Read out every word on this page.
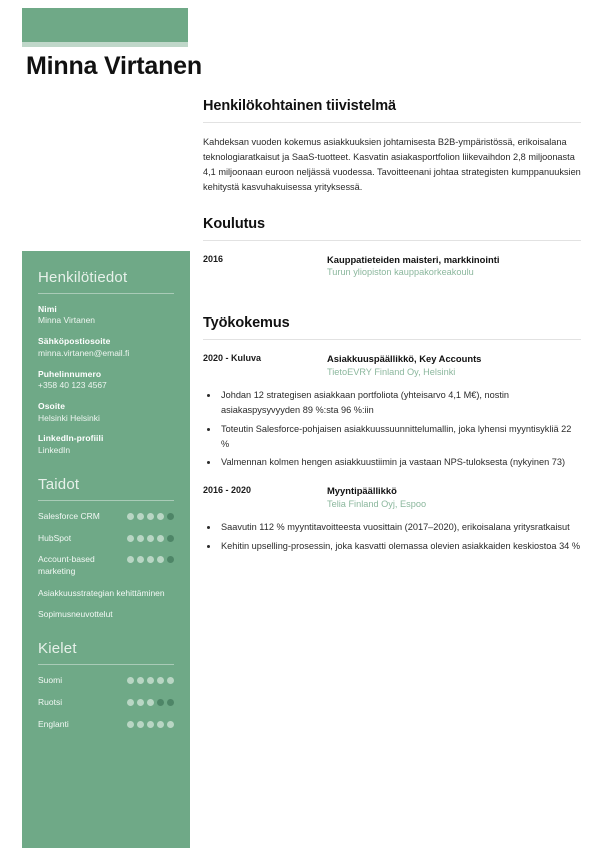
Minna Virtanen
Henkilötiedot
Nimi
Minna Virtanen
Sähköpostiosoite
minna.virtanen@email.fi
Puhelinnumero
+358 40 123 4567
Osoite
Helsinki Helsinki
LinkedIn-profiili
LinkedIn
Taidot
Salesforce CRM
HubSpot
Account-based marketing
Asiakkuusstrategian kehittäminen
Sopimusneuvottelut
Kielet
Suomi
Ruotsi
Englanti
Henkilökohtainen tiivistelmä

Kahdeksan vuoden kokemus asiakkuuksien johtamisesta B2B-ympäristössä, erikoisalana teknologiaratkaisut ja SaaS-tuotteet. Kasvatin asiakasportfolion liikevaihdon 2,8 miljoonasta 4,1 miljoonaan euroon neljässä vuodessa. Tavoitteenani johtaa strategisten kumppanuuksien kehitystä kasvuhakuisessa yrityksessä.

Koulutus
2016	Kauppatieteiden maisteri, markkinointi
Turun yliopiston kauppakorkeakoulu
Työkokemus
2020 - Kuluva	Asiakkuuspäällikkö, Key Accounts
TietoEVRY Finland Oy, Helsinki
• Johdan 12 strategisen asiakkaan portfoliota (yhteisarvo 4,1 M€), nostin asiakaspysyvyyden 89 %:sta 96 %:iin
• Toteutin Salesforce-pohjaisen asiakkuussuunnittelumallin, joka lyhensi myyntisykliä 22 %
• Valmennan kolmen hengen asiakkuustiimin ja vastaan NPS-tuloksesta (nykyinen 73)
2016 - 2020	Myyntipäällikkö
Telia Finland Oyj, Espoo
• Saavutin 112 % myyntitavoitteesta vuosittain (2017–2020), erikoisalana yritysratkaisut
• Kehitin upselling-prosessin, joka kasvatti olemassa olevien asiakkaiden keskiostoa 34 %
